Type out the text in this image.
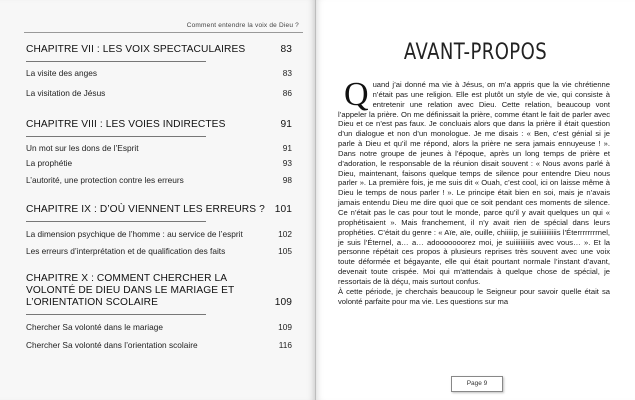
Comment entendre la voix de Dieu ?
CHAPITRE VII : LES VOIX SPECTACULAIRES	83
La visite des anges	83
La visitation de Jésus	86
CHAPITRE VIII : LES VOIES INDIRECTES	91
Un mot sur les dons de l’Esprit	91
La prophétie	93
L’autorité, une protection contre les erreurs	98
CHAPITRE IX : D’OÙ VIENNENT LES ERREURS ? 101
La dimension psychique de l’homme : au service de l’esprit	102
Les erreurs d’interprétation et de qualification des faits	105
CHAPITRE X : COMMENT CHERCHER LA VOLONTÉ DE DIEU DANS LE MARIAGE ET L’ORIENTATION SCOLAIRE	109
Chercher Sa volonté dans le mariage	109
Chercher Sa volonté dans l’orientation scolaire	116
AVANT-PROPOS

Quand j’ai donné ma vie à Jésus, on m’a appris que la vie chrétienne n’était pas une religion. Elle est plutôt un style de vie, qui consiste à entretenir une relation avec Dieu. Cette relation, beaucoup vont l’appeler la prière. On me définissait la prière, comme étant le fait de parler avec Dieu et ce n’est pas faux. Je concluais alors que dans la prière il était question d’un dialogue et non d’un monologue. Je me disais : « Ben, c’est génial si je parle à Dieu et qu’il me répond, alors la prière ne sera jamais ennuyeuse ! ». Dans notre groupe de jeunes à l’époque, après un long temps de prière et d’adoration, le responsable de la réunion disait souvent : « Nous avons parlé à Dieu, maintenant, faisons quelque temps de silence pour entendre Dieu nous parler ». La première fois, je me suis dit « Ouah, c’est cool, ici on laisse même à Dieu le temps de nous parler ! ». Le principe était bien en soi, mais je n’avais jamais entendu Dieu me dire quoi que ce soit pendant ces moments de silence. Ce n’était pas le cas pour tout le monde, parce qu’il y avait quelques un qui « prophétisaient ». Mais franchement, il n’y avait rien de spécial dans leurs prophéties. C’était du genre : « Aïe, aïe, ouille, chiiiiip, je suiiiiiiiiiiis l’Éterrrrrrrrnel, je suis l’Éternel, a… a… adooooooorez moi, je suiiiiiiiiiis avec vous… ». Et la personne répétait ces propos à plusieurs reprises très souvent avec une voix toute déformée et bégayante, elle qui était pourtant normale l’instant d’avant, devenait toute crispée. Moi qui m’attendais à quelque chose de spécial, je ressortais de là déçu, mais surtout confus.

À cette période, je cherchais beaucoup le Seigneur pour savoir quelle était sa volonté parfaite pour ma vie. Les questions sur ma

Page 9
